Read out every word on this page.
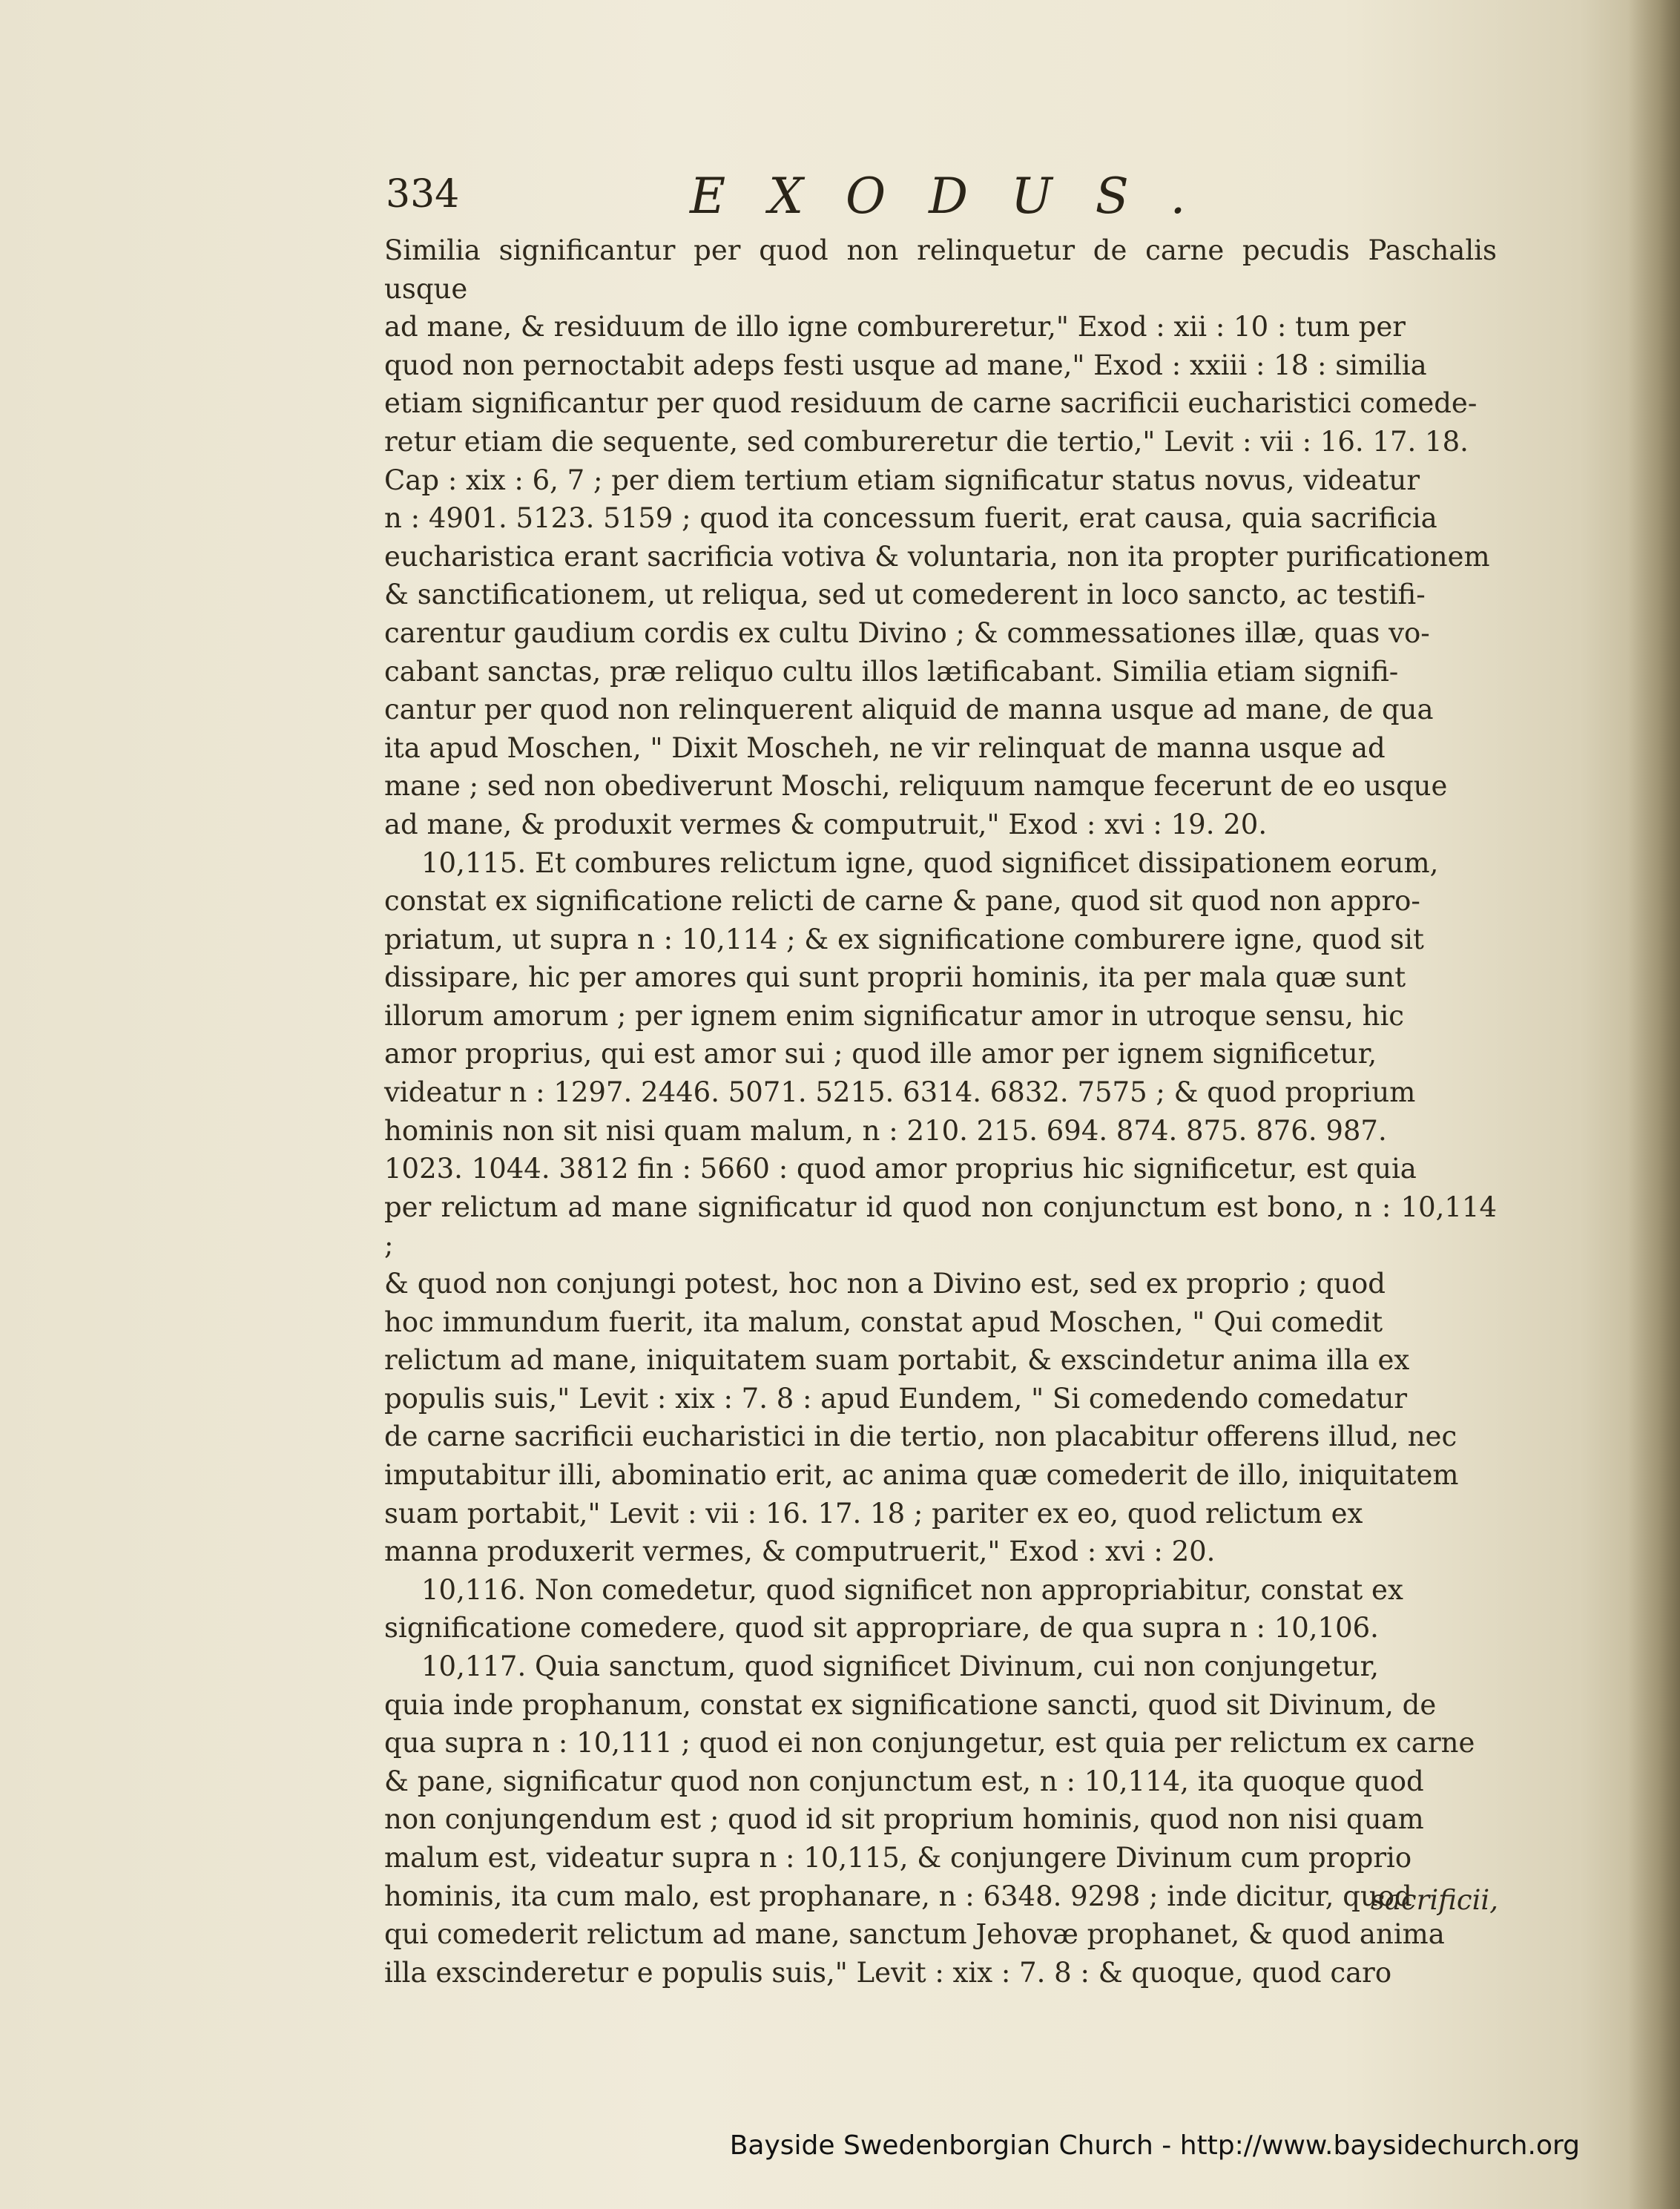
334	EXODUS.

Similia significantur per quod non relinquetur de carne pecudis Paschalis usque

ad mane, & residuum de illo igne combureretur," Exod : xii : 10 : tum per

quod non pernoctabit adeps festi usque ad mane," Exod : xxiii : 18 : similia

etiam significantur per quod residuum de carne sacrificii eucharistici comede-

retur etiam die sequente, sed combureretur die tertio," Levit : vii : 16. 17. 18.

Cap : xix : 6, 7 ; per diem tertium etiam significatur status novus, videatur

n : 4901. 5123. 5159 ; quod ita concessum fuerit, erat causa, quia sacrificia

eucharistica erant sacrificia votiva & voluntaria, non ita propter purificationem

& sanctificationem, ut reliqua, sed ut comederent in loco sancto, ac testifi-

carentur gaudium cordis ex cultu Divino ; & commessationes illæ, quas vo-

cabant sanctas, præ reliquo cultu illos lætificabant. Similia etiam signifi-

cantur per quod non relinquerent aliquid de manna usque ad mane, de qua

ita apud Moschen, " Dixit Moscheh, ne vir relinquat de manna usque ad

mane ; sed non obediverunt Moschi, reliquum namque fecerunt de eo usque

ad mane, & produxit vermes & computruit," Exod : xvi : 19. 20.

10,115. Et combures relictum igne, quod significet dissipationem eorum,

constat ex significatione relicti de carne & pane, quod sit quod non appro-

priatum, ut supra n : 10,114 ; & ex significatione comburere igne, quod sit

dissipare, hic per amores qui sunt proprii hominis, ita per mala quæ sunt

illorum amorum ; per ignem enim significatur amor in utroque sensu, hic

amor proprius, qui est amor sui ; quod ille amor per ignem significetur,

videatur n : 1297. 2446. 5071. 5215. 6314. 6832. 7575 ; & quod proprium

hominis non sit nisi quam malum, n : 210. 215. 694. 874. 875. 876. 987.

1023. 1044. 3812 fin : 5660 : quod amor proprius hic significetur, est quia

per relictum ad mane significatur id quod non conjunctum est bono, n : 10,114 ;

& quod non conjungi potest, hoc non a Divino est, sed ex proprio ; quod

hoc immundum fuerit, ita malum, constat apud Moschen, " Qui comedit

relictum ad mane, iniquitatem suam portabit, & exscindetur anima illa ex

populis suis," Levit : xix : 7. 8 : apud Eundem, " Si comedendo comedatur

de carne sacrificii eucharistici in die tertio, non placabitur offerens illud, nec

imputabitur illi, abominatio erit, ac anima quæ comederit de illo, iniquitatem

suam portabit," Levit : vii : 16. 17. 18 ; pariter ex eo, quod relictum ex

manna produxerit vermes, & computruerit," Exod : xvi : 20.

10,116. Non comedetur, quod significet non appropriabitur, constat ex

significatione comedere, quod sit appropriare, de qua supra n : 10,106.

10,117. Quia sanctum, quod significet Divinum, cui non conjungetur,

quia inde prophanum, constat ex significatione sancti, quod sit Divinum, de

qua supra n : 10,111 ; quod ei non conjungetur, est quia per relictum ex carne

& pane, significatur quod non conjunctum est, n : 10,114, ita quoque quod

non conjungendum est ; quod id sit proprium hominis, quod non nisi quam

malum est, videatur supra n : 10,115, & conjungere Divinum cum proprio

hominis, ita cum malo, est prophanare, n : 6348. 9298 ; inde dicitur, quod

qui comederit relictum ad mane, sanctum Jehovæ prophanet, & quod anima

illa exscinderetur e populis suis," Levit : xix : 7. 8 : & quoque, quod caro

sacrificii,
Bayside Swedenborgian Church - http://www.baysidechurch.org
